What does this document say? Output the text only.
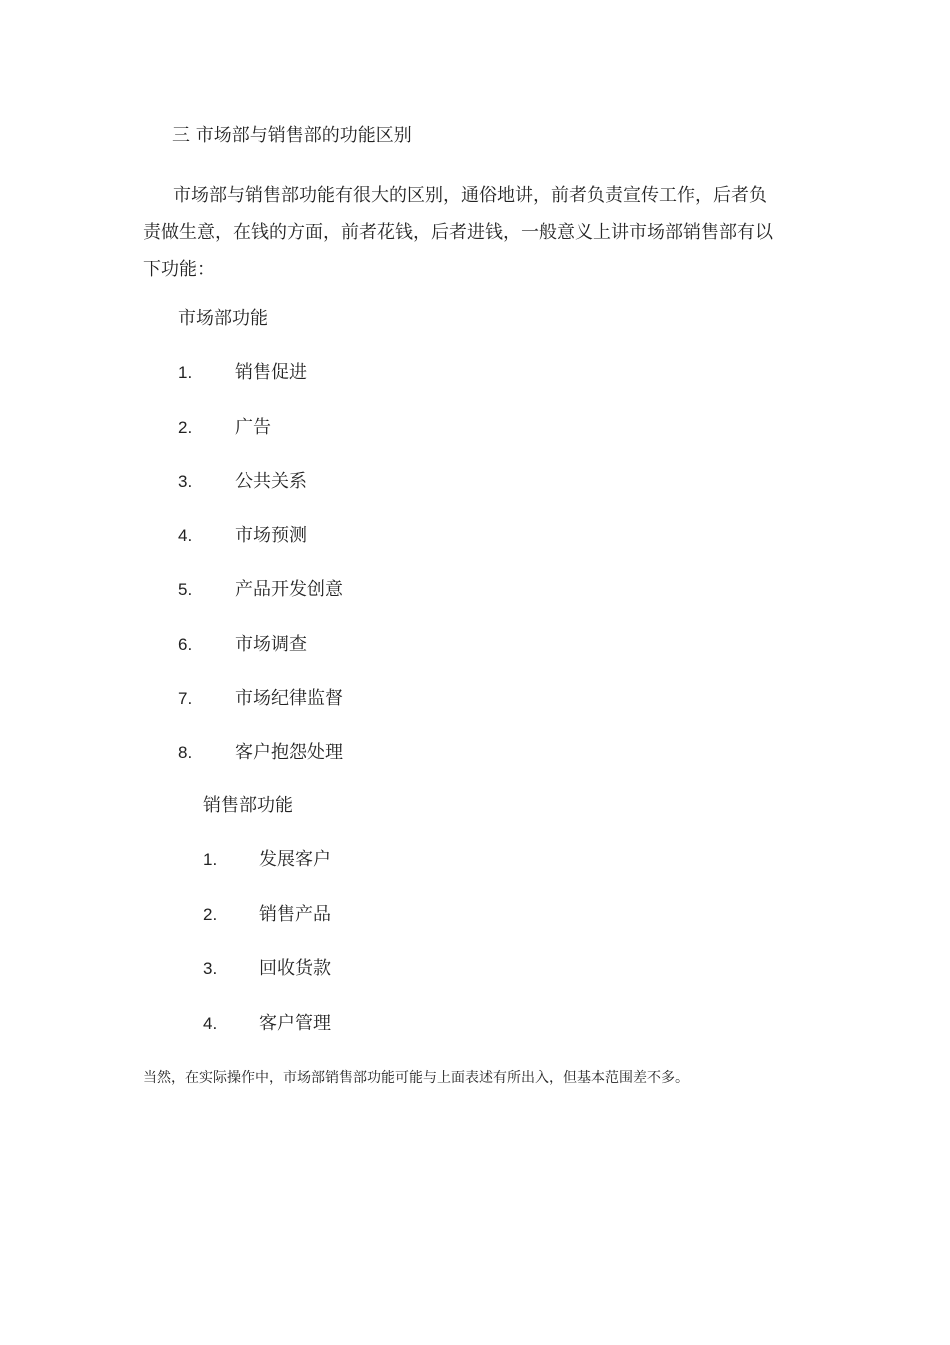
三 市场部与销售部的功能区别
市场部与销售部功能有很大的区别，通俗地讲，前者负责宣传工作，后者负责做生意，在钱的方面，前者花钱，后者进钱，一般意义上讲市场部销售部有以下功能：
市场部功能
1. 销售促进
2. 广告
3. 公共关系
4. 市场预测
5. 产品开发创意
6. 市场调查
7. 市场纪律监督
8. 客户抱怨处理
销售部功能
1. 发展客户
2. 销售产品
3. 回收货款
4. 客户管理
当然，在实际操作中，市场部销售部功能可能与上面表述有所出入，但基本范围差不多。
